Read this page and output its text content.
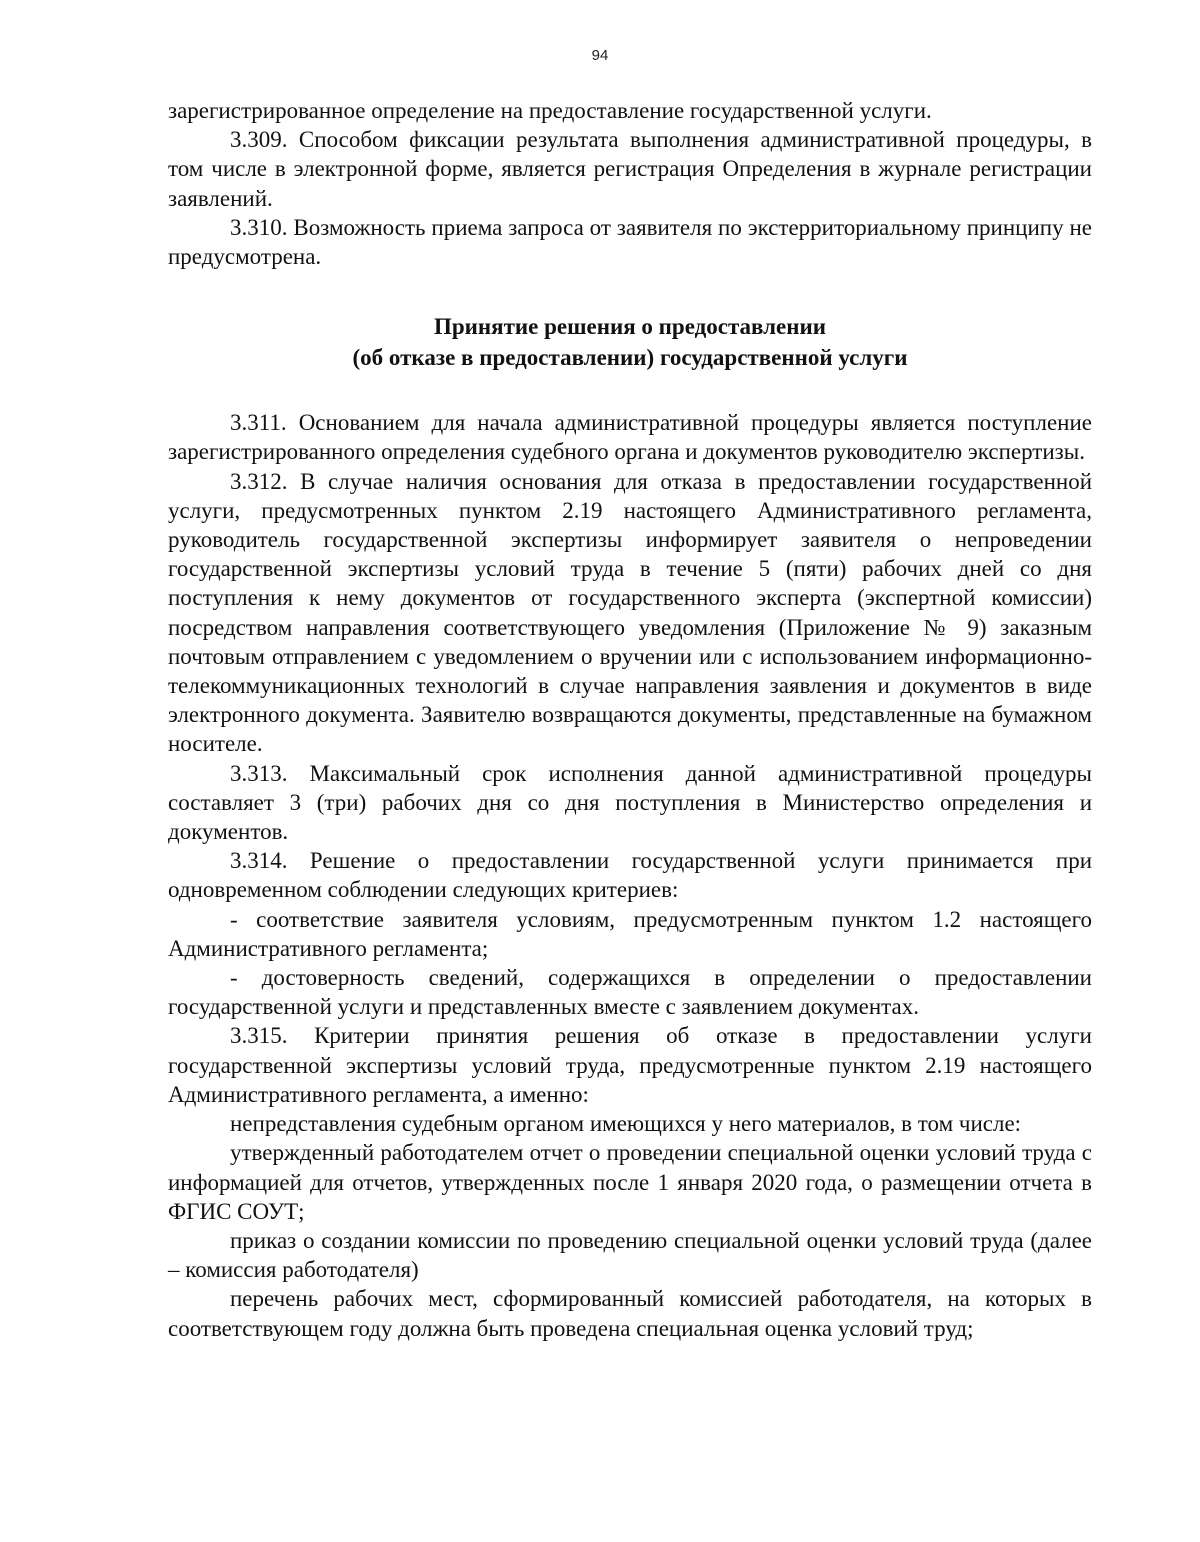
94

зарегистрированное определение на предоставление государственной услуги.

3.309. Способом фиксации результата выполнения административной процедуры, в том числе в электронной форме, является регистрация Определения в журнале регистрации заявлений.

3.310. Возможность приема запроса от заявителя по экстерриториальному принципу не предусмотрена.

Принятие решения о предоставлении
(об отказе в предоставлении) государственной услуги

3.311. Основанием для начала административной процедуры является поступление зарегистрированного определения судебного органа и документов руководителю экспертизы.

3.312. В случае наличия основания для отказа в предоставлении государственной услуги, предусмотренных пунктом 2.19 настоящего Административного регламента, руководитель государственной экспертизы информирует заявителя о непроведении государственной экспертизы условий труда в течение 5 (пяти) рабочих дней со дня поступления к нему документов от государственного эксперта (экспертной комиссии) посредством направления соответствующего уведомления (Приложение № 9) заказным почтовым отправлением с уведомлением о вручении или с использованием информационно-телекоммуникационных технологий в случае направления заявления и документов в виде электронного документа. Заявителю возвращаются документы, представленные на бумажном носителе.

3.313. Максимальный срок исполнения данной административной процедуры составляет 3 (три) рабочих дня со дня поступления в Министерство определения и документов.

3.314. Решение о предоставлении государственной услуги принимается при одновременном соблюдении следующих критериев:

- соответствие заявителя условиям, предусмотренным пунктом 1.2 настоящего Административного регламента;

- достоверность сведений, содержащихся в определении о предоставлении государственной услуги и представленных вместе с заявлением документах.

3.315. Критерии принятия решения об отказе в предоставлении услуги государственной экспертизы условий труда, предусмотренные пунктом 2.19 настоящего Административного регламента, а именно:

непредставления судебным органом имеющихся у него материалов, в том числе:

утвержденный работодателем отчет о проведении специальной оценки условий труда с информацией для отчетов, утвержденных после 1 января 2020 года, о размещении отчета в ФГИС СОУТ;

приказ о создании комиссии по проведению специальной оценки условий труда (далее – комиссия работодателя)

перечень рабочих мест, сформированный комиссией работодателя, на которых в соответствующем году должна быть проведена специальная оценка условий труд;
